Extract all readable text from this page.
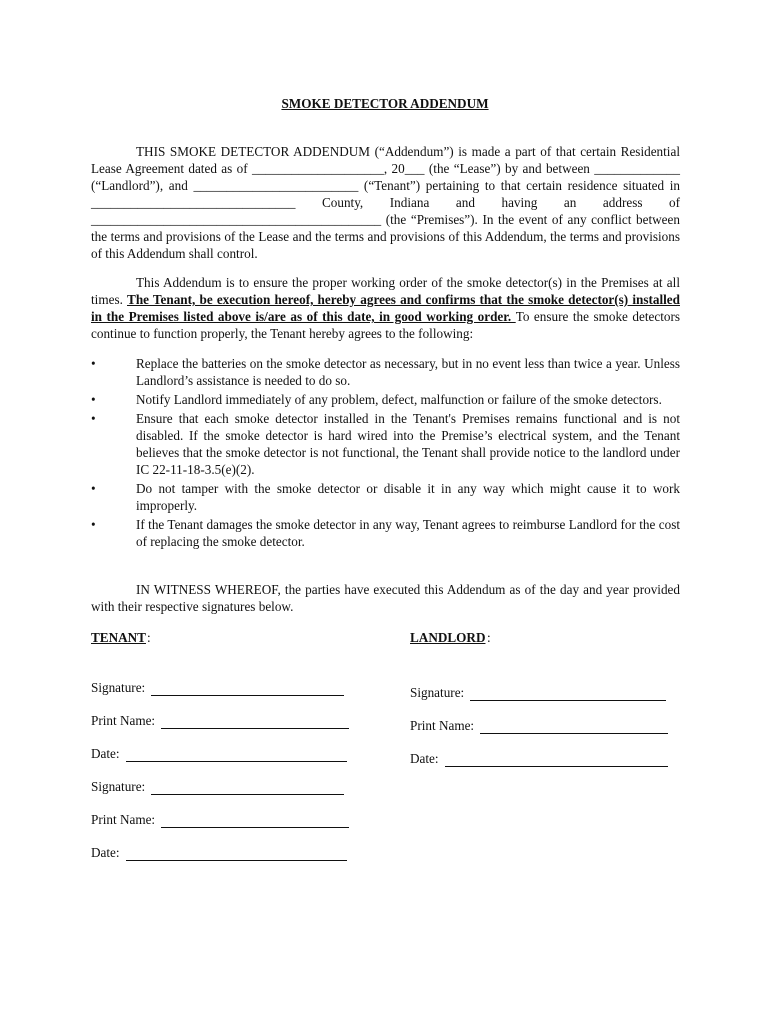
SMOKE DETECTOR ADDENDUM

THIS SMOKE DETECTOR ADDENDUM (“Addendum”) is made a part of that certain Residential Lease Agreement dated as of ____________________, 20___ (the “Lease”) by and between _____________ (“Landlord”), and _________________________ (“Tenant”) pertaining to that certain residence situated in _______________________________ County, Indiana and having an address of ____________________________________________ (the “Premises”). In the event of any conflict between the terms and provisions of the Lease and the terms and provisions of this Addendum, the terms and provisions of this Addendum shall control.

This Addendum is to ensure the proper working order of the smoke detector(s) in the Premises at all times. The Tenant, be execution hereof, hereby agrees and confirms that the smoke detector(s) installed in the Premises listed above is/are as of this date, in good working order. To ensure the smoke detectors continue to function properly, the Tenant hereby agrees to the following:

•	Replace the batteries on the smoke detector as necessary, but in no event less than twice a year. Unless Landlord’s assistance is needed to do so.
•	Notify Landlord immediately of any problem, defect, malfunction or failure of the smoke detectors.
•	Ensure that each smoke detector installed in the Tenant's Premises remains functional and is not disabled. If the smoke detector is hard wired into the Premise’s electrical system, and the Tenant believes that the smoke detector is not functional, the Tenant shall provide notice to the landlord under IC 22-11-18-3.5(e)(2).
•	Do not tamper with the smoke detector or disable it in any way which might cause it to work improperly.
•	If the Tenant damages the smoke detector in any way, Tenant agrees to reimburse Landlord for the cost of replacing the smoke detector.

IN WITNESS WHEREOF, the parties have executed this Addendum as of the day and year provided with their respective signatures below.

TENANT :
Signature:
Print Name:
Date:
Signature:
Print Name:
Date:
LANDLORD :
Signature:
Print Name:
Date:
